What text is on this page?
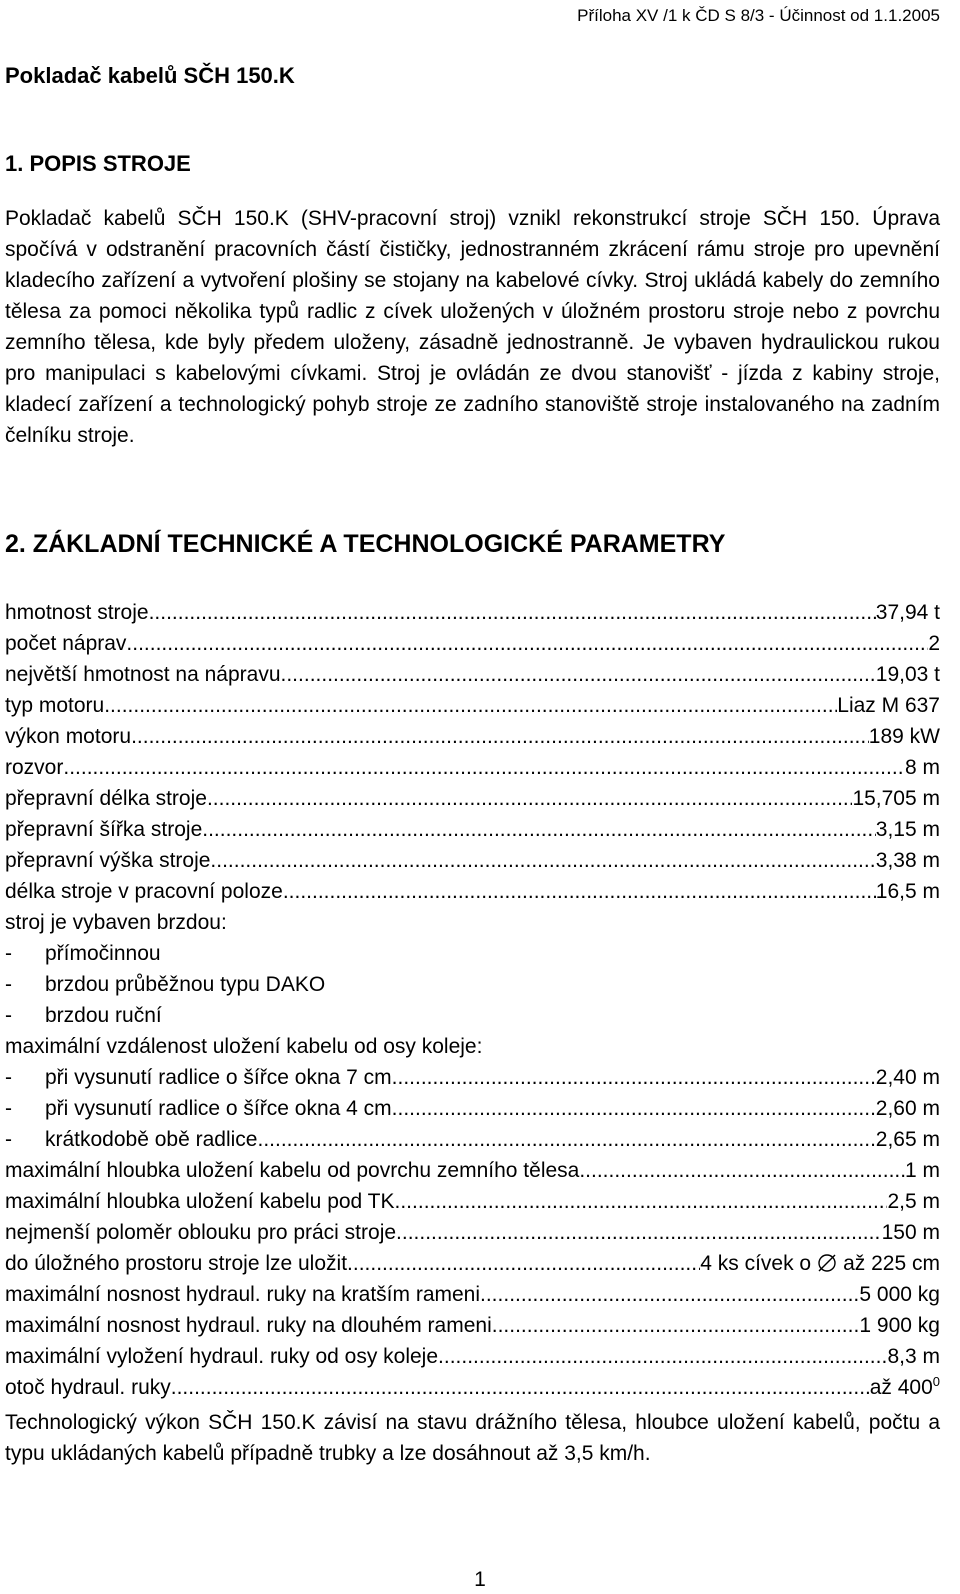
Příloha XV /1 k ČD S 8/3 - Účinnost od 1.1.2005
Pokladač kabelů SČH 150.K
1. POPIS STROJE

Pokladač kabelů SČH 150.K (SHV-pracovní stroj) vznikl rekonstrukcí stroje SČH 150. Úprava spočívá v odstranění pracovních částí čističky, jednostranném zkrácení rámu stroje pro upevnění kladecího zařízení a vytvoření plošiny se stojany na kabelové cívky. Stroj ukládá kabely do zemního tělesa za pomoci několika typů radlic z cívek uložených v úložném prostoru stroje nebo z povrchu zemního tělesa, kde byly předem uloženy, zásadně jednostranně. Je vybaven hydraulickou rukou pro manipulaci s kabelovými cívkami. Stroj je ovládán ze dvou stanovišť - jízda z kabiny stroje, kladecí zařízení a technologický pohyb stroje ze zadního stanoviště stroje instalovaného na zadním čelníku stroje.

2. ZÁKLADNÍ TECHNICKÉ A TECHNOLOGICKÉ PARAMETRY
hmotnost stroje .....	37,94 t
počet náprav .....	2
největší hmotnost na nápravu .....	19,03 t
typ motoru .....	Liaz M 637
výkon motoru .....	189 kW
rozvor .....	8 m
přepravní délka stroje .....	15,705 m
přepravní šířka stroje .....	3,15 m
přepravní výška stroje .....	3,38 m
délka stroje v pracovní poloze .....	16,5 m
stroj je vybaven brzdou:
- přímočinnou
- brzdou průběžnou typu DAKO
- brzdou ruční
maximální vzdálenost uložení kabelu od osy koleje:
- při vysunutí radlice o šířce okna 7 cm .....	2,40 m
- při vysunutí radlice o šířce okna 4 cm .....	2,60 m
- krátkodobě obě radlice .....	2,65 m
maximální hloubka uložení kabelu od povrchu zemního tělesa .....	1 m
maximální hloubka uložení kabelu pod TK .....	2,5 m
nejmenší poloměr oblouku pro práci stroje .....	150 m
do úložného prostoru stroje lze uložit .....	4 ks cívek o až 225 cm
maximální nosnost hydraul. ruky na kratším rameni .....	5 000 kg
maximální nosnost hydraul. ruky na dlouhém rameni .....	1 900 kg
maximální vyložení hydraul. ruky od osy koleje .....	8,3 m
otoč hydraul. ruky .....	až $400^0$

Technologický výkon SČH 150.K závisí na stavu drážního tělesa, hloubce uložení kabelů, počtu a typu ukládaných kabelů případně trubky a lze dosáhnout až 3,5 km/h.

1
